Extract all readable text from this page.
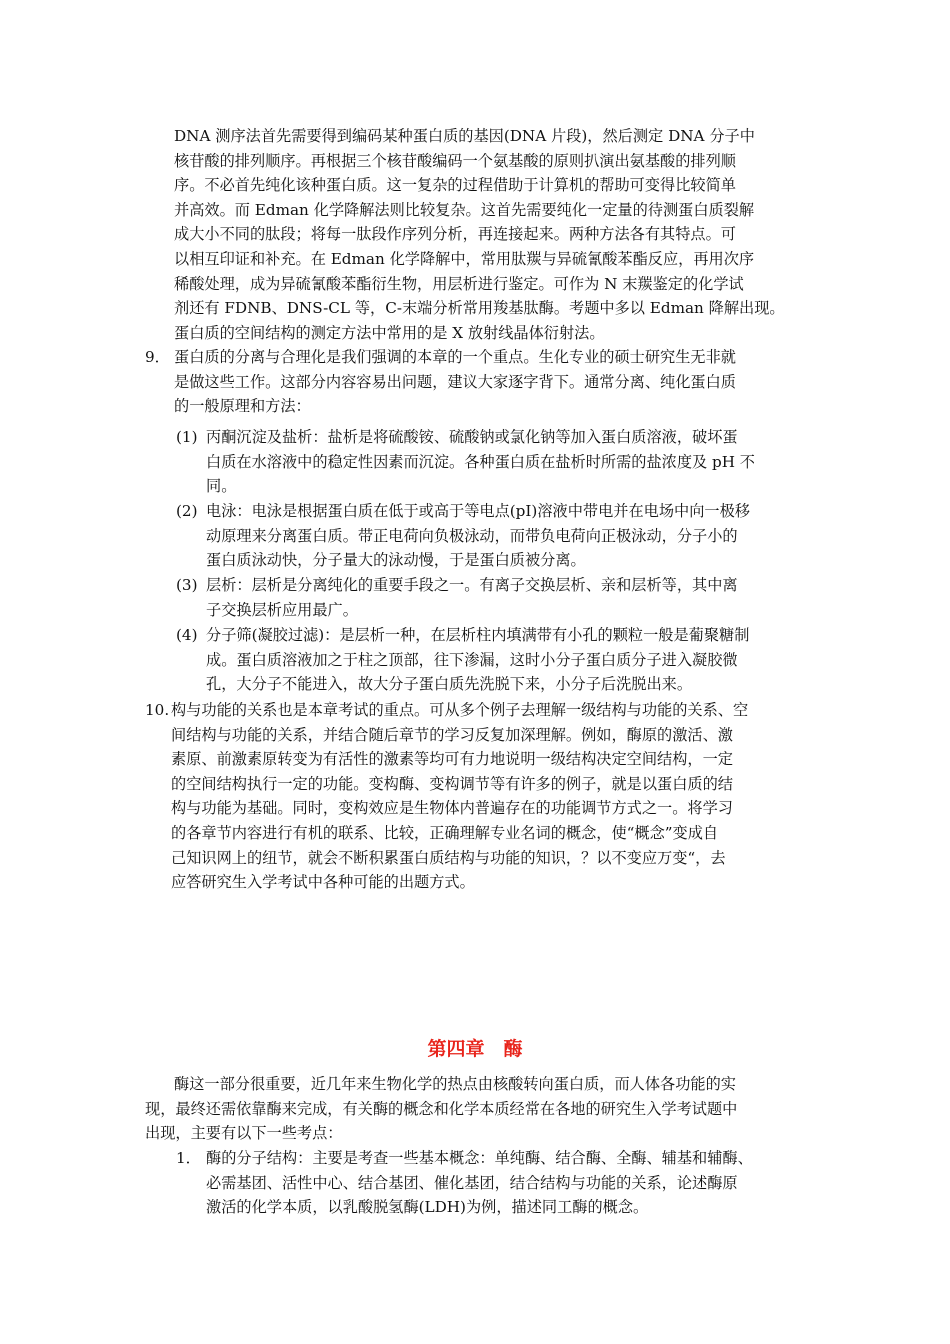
DNA 测序法首先需要得到编码某种蛋白质的基因(DNA 片段)，然后测定 DNA 分子中
核苷酸的排列顺序。再根据三个核苷酸编码一个氨基酸的原则扒演出氨基酸的排列顺
序。不必首先纯化该种蛋白质。这一复杂的过程借助于计算机的帮助可变得比较简单
并高效。而 Edman 化学降解法则比较复杂。这首先需要纯化一定量的待测蛋白质裂解
成大小不同的肽段；将每一肽段作序列分析，再连接起来。两种方法各有其特点。可
以相互印证和补充。在 Edman 化学降解中，常用肽羰与异硫氰酸苯酯反应，再用次序
稀酸处理，成为异硫氰酸苯酯衍生物，用层析进行鉴定。可作为 N 末羰鉴定的化学试
剂还有 FDNB、DNS-CL 等，C-末端分析常用羧基肽酶。考题中多以 Edman 降解出现。
蛋白质的空间结构的测定方法中常用的是 X 放射线晶体衍射法。
9． 蛋白质的分离与合理化是我们强调的本章的一个重点。生化专业的硕士研究生无非就
是做这些工作。这部分内容容易出问题，建议大家逐字背下。通常分离、纯化蛋白质
的一般原理和方法：
(1) 丙酮沉淀及盐析：盐析是将硫酸铵、硫酸钠或氯化钠等加入蛋白质溶液，破坏蛋
白质在水溶液中的稳定性因素而沉淀。各种蛋白质在盐析时所需的盐浓度及 pH 不
同。
(2) 电泳：电泳是根据蛋白质在低于或高于等电点(pI)溶液中带电并在电场中向一极移
动原理来分离蛋白质。带正电荷向负极泳动，而带负电荷向正极泳动，分子小的
蛋白质泳动快，分子量大的泳动慢，于是蛋白质被分离。
(3) 层析：层析是分离纯化的重要手段之一。有离子交换层析、亲和层析等，其中离
子交换层析应用最广。
(4) 分子筛(凝胶过滤)：是层析一种，在层析柱内填满带有小孔的颗粒一般是葡聚糖制
成。蛋白质溶液加之于柱之顶部，往下渗漏，这时小分子蛋白质分子进入凝胶微
孔，大分子不能进入，故大分子蛋白质先洗脱下来，小分子后洗脱出来。
10. 构与功能的关系也是本章考试的重点。可从多个例子去理解一级结构与功能的关系、空
间结构与功能的关系，并结合随后章节的学习反复加深理解。例如，酶原的激活、激
素原、前激素原转变为有活性的激素等均可有力地说明一级结构决定空间结构，一定
的空间结构执行一定的功能。变构酶、变构调节等有许多的例子，就是以蛋白质的结
构与功能为基础。同时，变构效应是生物体内普遍存在的功能调节方式之一。将学习
的各章节内容进行有机的联系、比较，正确理解专业名词的概念，使“概念”变成自
己知识网上的纽节，就会不断积累蛋白质结构与功能的知识，？以不变应万变“，去
应答研究生入学考试中各种可能的出题方式。
第四章　酶
酶这一部分很重要，近几年来生物化学的热点由核酸转向蛋白质，而人体各功能的实
现，最终还需依靠酶来完成，有关酶的概念和化学本质经常在各地的研究生入学考试题中
出现，主要有以下一些考点：
1． 酶的分子结构：主要是考查一些基本概念：单纯酶、结合酶、全酶、辅基和辅酶、
必需基团、活性中心、结合基团、催化基团，结合结构与功能的关系，论述酶原
激活的化学本质，以乳酸脱氢酶(LDH)为例，描述同工酶的概念。
